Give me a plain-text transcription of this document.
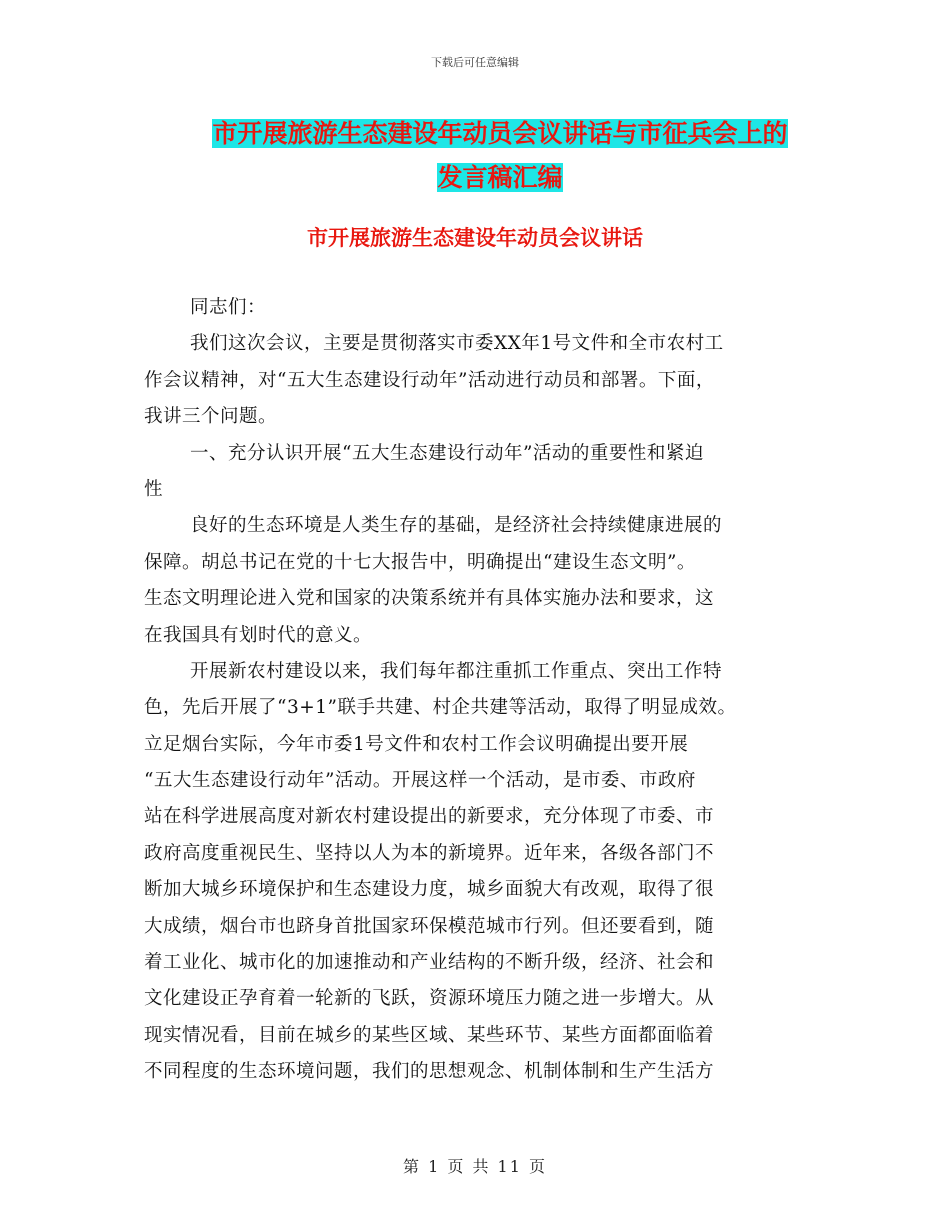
下载后可任意编辑
市开展旅游生态建设年动员会议讲话与市征兵会上的
发言稿汇编
市开展旅游生态建设年动员会议讲话
同志们：
我们这次会议，主要是贯彻落实市委XX年1号文件和全市农村工
作会议精神，对“五大生态建设行动年”活动进行动员和部署。下面，
我讲三个问题。
一、充分认识开展“五大生态建设行动年”活动的重要性和紧迫
性
良好的生态环境是人类生存的基础，是经济社会持续健康进展的
保障。胡总书记在党的十七大报告中，明确提出“建设生态文明”。
生态文明理论进入党和国家的决策系统并有具体实施办法和要求，这
在我国具有划时代的意义。
开展新农村建设以来，我们每年都注重抓工作重点、突出工作特
色，先后开展了“3+1”联手共建、村企共建等活动，取得了明显成效。
立足烟台实际，今年市委1号文件和农村工作会议明确提出要开展
“五大生态建设行动年”活动。开展这样一个活动，是市委、市政府
站在科学进展高度对新农村建设提出的新要求，充分体现了市委、市
政府高度重视民生、坚持以人为本的新境界。近年来，各级各部门不
断加大城乡环境保护和生态建设力度，城乡面貌大有改观，取得了很
大成绩，烟台市也跻身首批国家环保模范城市行列。但还要看到，随
着工业化、城市化的加速推动和产业结构的不断升级，经济、社会和
文化建设正孕育着一轮新的飞跃，资源环境压力随之进一步增大。从
现实情况看，目前在城乡的某些区域、某些环节、某些方面都面临着
不同程度的生态环境问题，我们的思想观念、机制体制和生产生活方
第 1 页 共 11 页
